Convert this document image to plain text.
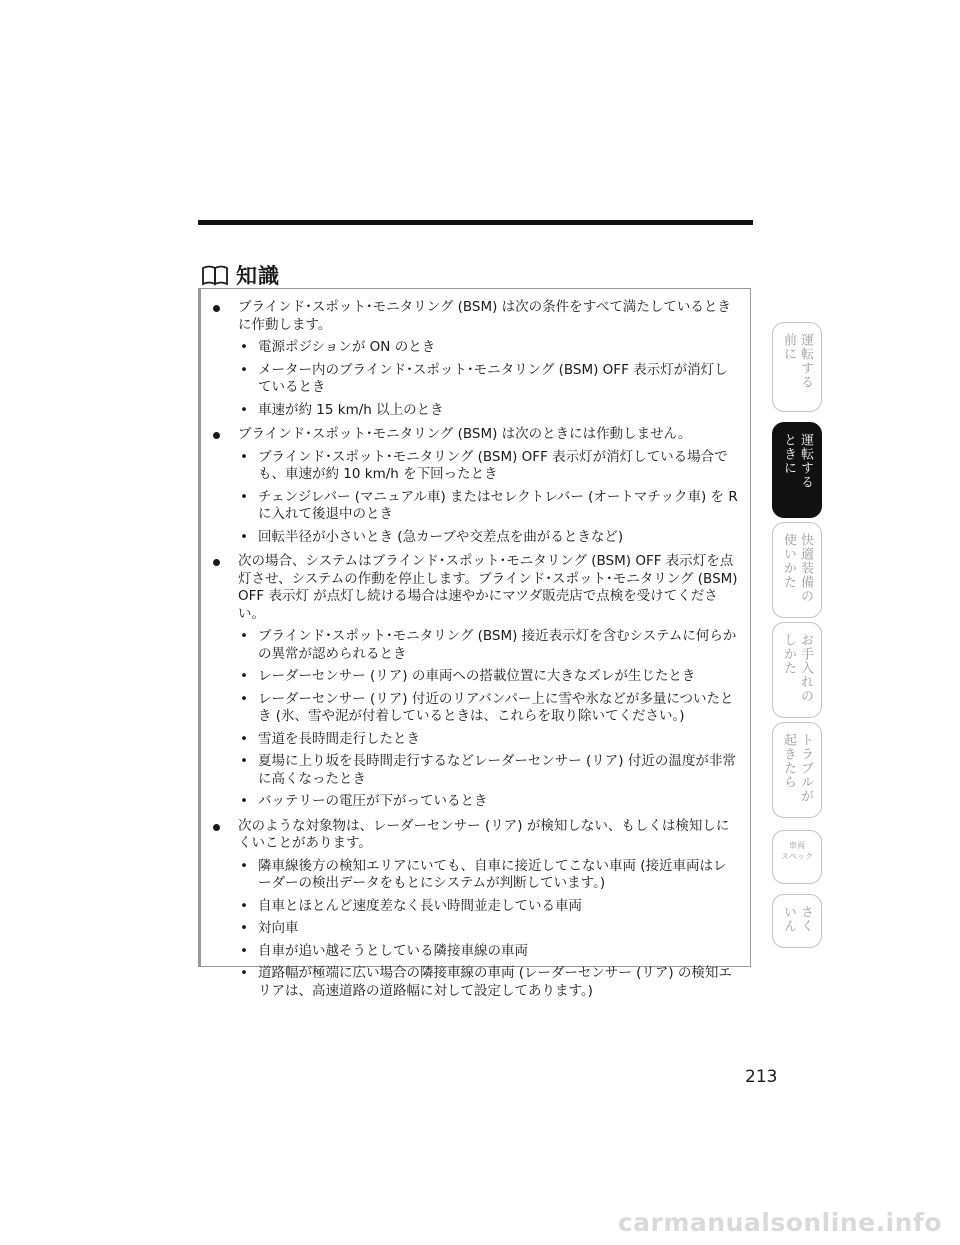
知識
ブラインド･スポット･モニタリング (BSM) は次の条件をすべて満たしているときに作動します。
• 電源ポジションが ON のとき
• メーター内のブラインド･スポット･モニタリング (BSM) OFF 表示灯が消灯しているとき
• 車速が約 15 km/h 以上のとき
ブラインド･スポット･モニタリング (BSM) は次のときには作動しません。
• ブラインド･スポット･モニタリング (BSM) OFF 表示灯が消灯している場合でも、車速が約 10 km/h を下回ったとき
• チェンジレバー (マニュアル車) またはセレクトレバー (オートマチック車) を R に入れて後退中のとき
• 回転半径が小さいとき (急カーブや交差点を曲がるときなど)
次の場合、システムはブラインド･スポット･モニタリング (BSM) OFF 表示灯を点灯させ、システムの作動を停止します。ブラインド･スポット･モニタリング (BSM) OFF 表示灯 が点灯し続ける場合は速やかにマツダ販売店で点検を受けてください。
• ブラインド･スポット･モニタリング (BSM) 接近表示灯を含むシステムに何らかの異常が認められるとき
• レーダーセンサー (リア) の車両への搭載位置に大きなズレが生じたとき
• レーダーセンサー (リア) 付近のリアバンパー上に雪や氷などが多量についたとき (氷、雪や泥が付着しているときは、これらを取り除いてください。)
• 雪道を長時間走行したとき
• 夏場に上り坂を長時間走行するなどレーダーセンサー (リア) 付近の温度が非常に高くなったとき
• バッテリーの電圧が下がっているとき
次のような対象物は、レーダーセンサー (リア) が検知しない、もしくは検知しにくいことがあります。
• 隣車線後方の検知エリアにいても、自車に接近してこない車両 (接近車両はレーダーの検出データをもとにシステムが判断しています。)
• 自車とほとんど速度差なく長い時間並走している車両
• 対向車
• 自車が追い越そうとしている隣接車線の車両
• 道路幅が極端に広い場合の隣接車線の車両 (レーダーセンサー (リア) の検知エリアは、高速道路の道路幅に対して設定してあります。)
運転する
前に
運転する
ときに
快適装備の
使いかた
お手入れの
しかた
トラブルが
起きたら
車両
スペック
さく
いん
213
carmanualsonline.info
